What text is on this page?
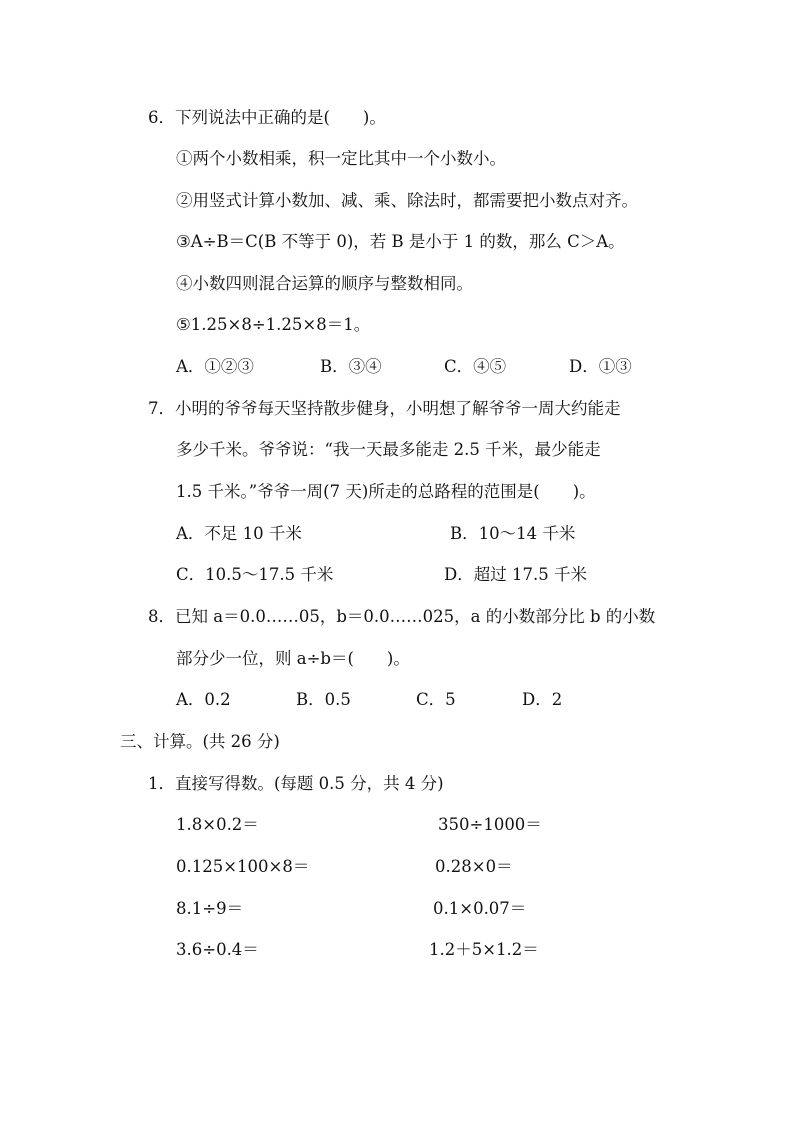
6．下列说法中正确的是(　　)。
①两个小数相乘，积一定比其中一个小数小。
②用竖式计算小数加、减、乘、除法时，都需要把小数点对齐。
③A÷B＝C(B 不等于 0)，若 B 是小于 1 的数，那么 C＞A。
④小数四则混合运算的顺序与整数相同。
⑤1.25×8÷1.25×8＝1。
A．①②③	B．③④	C．④⑤	D．①③
7．小明的爷爷每天坚持散步健身，小明想了解爷爷一周大约能走
多少千米。爷爷说：“我一天最多能走 2.5 千米，最少能走
1.5 千米。”爷爷一周(7 天)所走的总路程的范围是(　　)。
A．不足 10 千米	B．10～14 千米
C．10.5～17.5 千米	D．超过 17.5 千米
8．已知 a＝0.0……05，b＝0.0……025，a 的小数部分比 b 的小数
部分少一位，则 a÷b＝(　　)。
A．0.2	B．0.5	C．5	D．2
三、计算。(共 26 分)
1．直接写得数。(每题 0.5 分，共 4 分)
1.8×0.2＝	350÷1000＝
0.125×100×8＝	0.28×0＝
8.1÷9＝	0.1×0.07＝
3.6÷0.4＝	1.2＋5×1.2＝
